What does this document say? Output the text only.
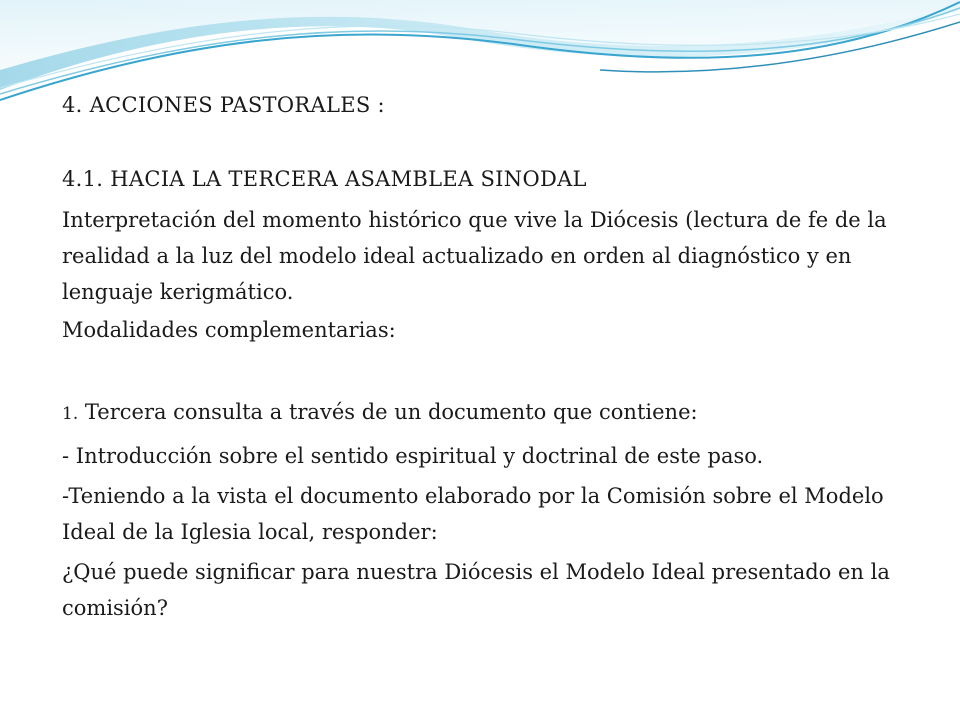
4. ACCIONES PASTORALES :

4.1. HACIA LA TERCERA ASAMBLEA SINODAL

Interpretación del momento histórico que vive la Diócesis (lectura de fe de la realidad a la luz del modelo ideal actualizado en orden al diagnóstico y en lenguaje kerigmático.

Modalidades complementarias:

1. Tercera consulta a través de un documento que contiene:

- Introducción sobre el sentido espiritual y doctrinal de este paso.

-Teniendo a la vista el documento elaborado por la Comisión sobre el Modelo Ideal de la Iglesia local, responder:

¿Qué puede significar para nuestra Diócesis el Modelo Ideal presentado en la comisión?
